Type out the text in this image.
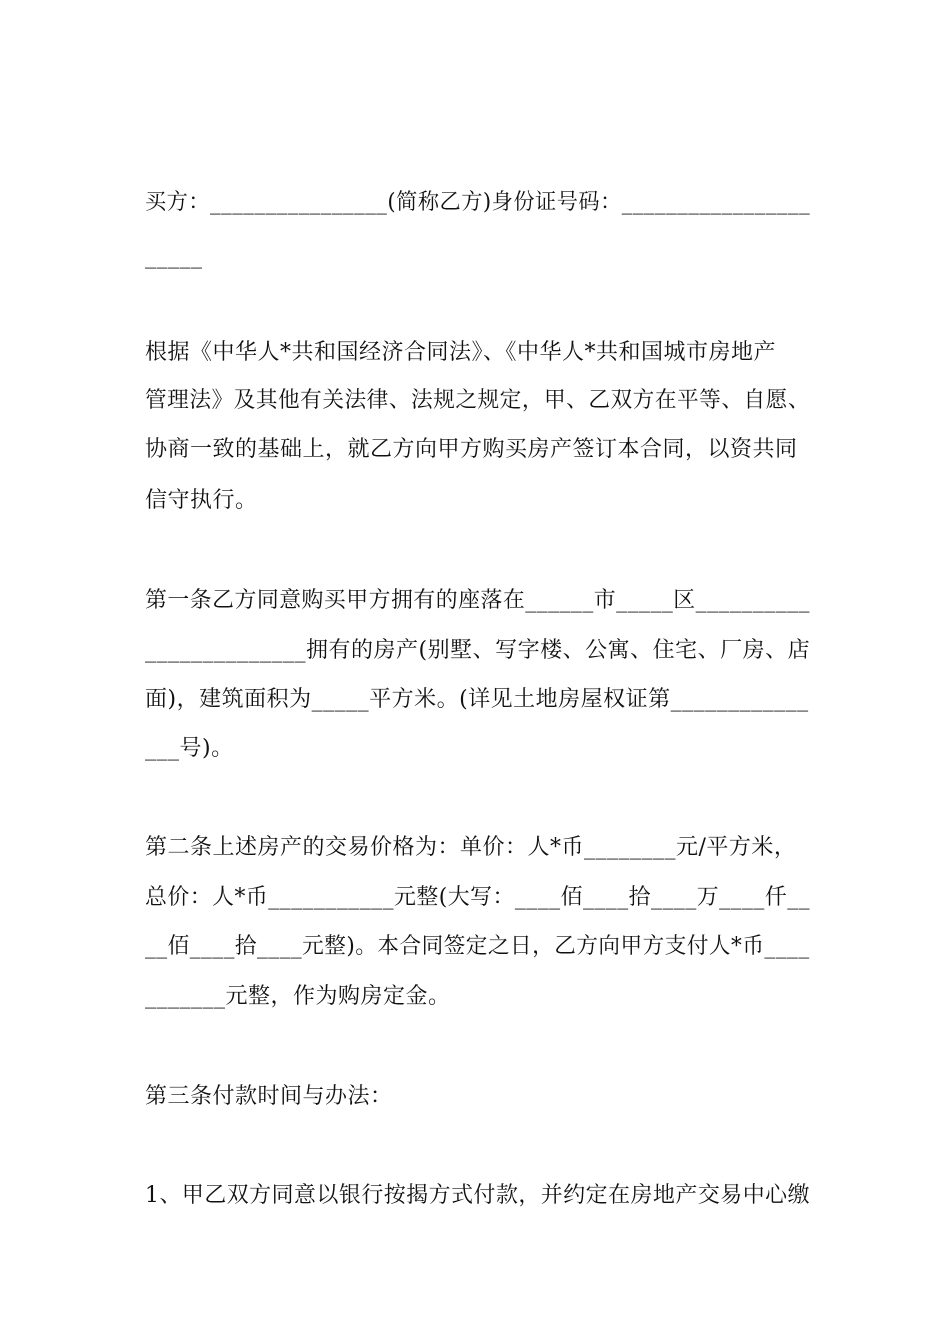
买方：________________(简称乙方)身份证号码：_________________
_____
根据《中华人*共和国经济合同法》、《中华人*共和国城市房地产
管理法》及其他有关法律、法规之规定，甲、乙双方在平等、自愿、
协商一致的基础上，就乙方向甲方购买房产签订本合同，以资共同
信守执行。
第一条乙方同意购买甲方拥有的座落在______市_____区__________
______________拥有的房产(别墅、写字楼、公寓、住宅、厂房、店
面)，建筑面积为_____平方米。(详见土地房屋权证第____________
___号)。
第二条上述房产的交易价格为：单价：人*币________元/平方米，
总价：人*币___________元整(大写：____佰____拾____万____仟__
__佰____拾____元整)。本合同签定之日，乙方向甲方支付人*币____
_______元整，作为购房定金。
第三条付款时间与办法：
1、甲乙双方同意以银行按揭方式付款，并约定在房地产交易中心缴
